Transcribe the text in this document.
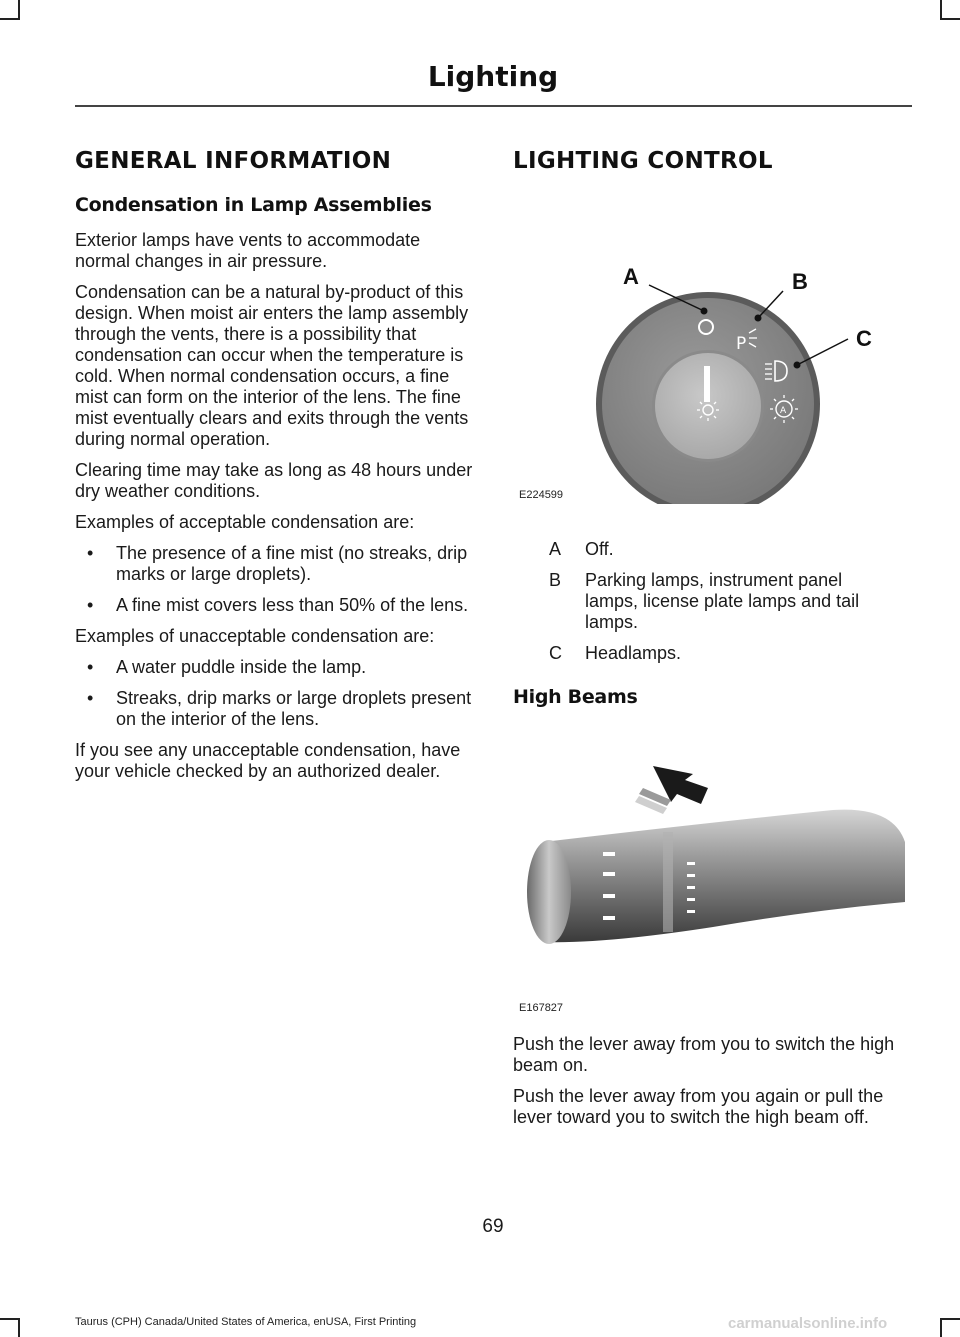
Lighting
GENERAL INFORMATION
Condensation in Lamp Assemblies

Exterior lamps have vents to accommodate normal changes in air pressure.

Condensation can be a natural by-product of this design. When moist air enters the lamp assembly through the vents, there is a possibility that condensation can occur when the temperature is cold. When normal condensation occurs, a fine mist can form on the interior of the lens. The fine mist eventually clears and exits through the vents during normal operation.

Clearing time may take as long as 48 hours under dry weather conditions.

Examples of acceptable condensation are:

• The presence of a fine mist (no streaks, drip marks or large droplets).
• A fine mist covers less than 50% of the lens.

Examples of unacceptable condensation are:

• A water puddle inside the lamp.
• Streaks, drip marks or large droplets present on the interior of the lens.

If you see any unacceptable condensation, have your vehicle checked by an authorized dealer.

LIGHTING CONTROL
P
A
A	B
C
E224599
A	Off.
B	Parking lamps, instrument panel lamps, license plate lamps and tail lamps.
C	Headlamps.
High Beams
E167827

Push the lever away from you to switch the high beam on.

Push the lever away from you again or pull the lever toward you to switch the high beam off.

69
Taurus (CPH) Canada/United States of America, enUSA, First Printing	carmanualsonline.info
